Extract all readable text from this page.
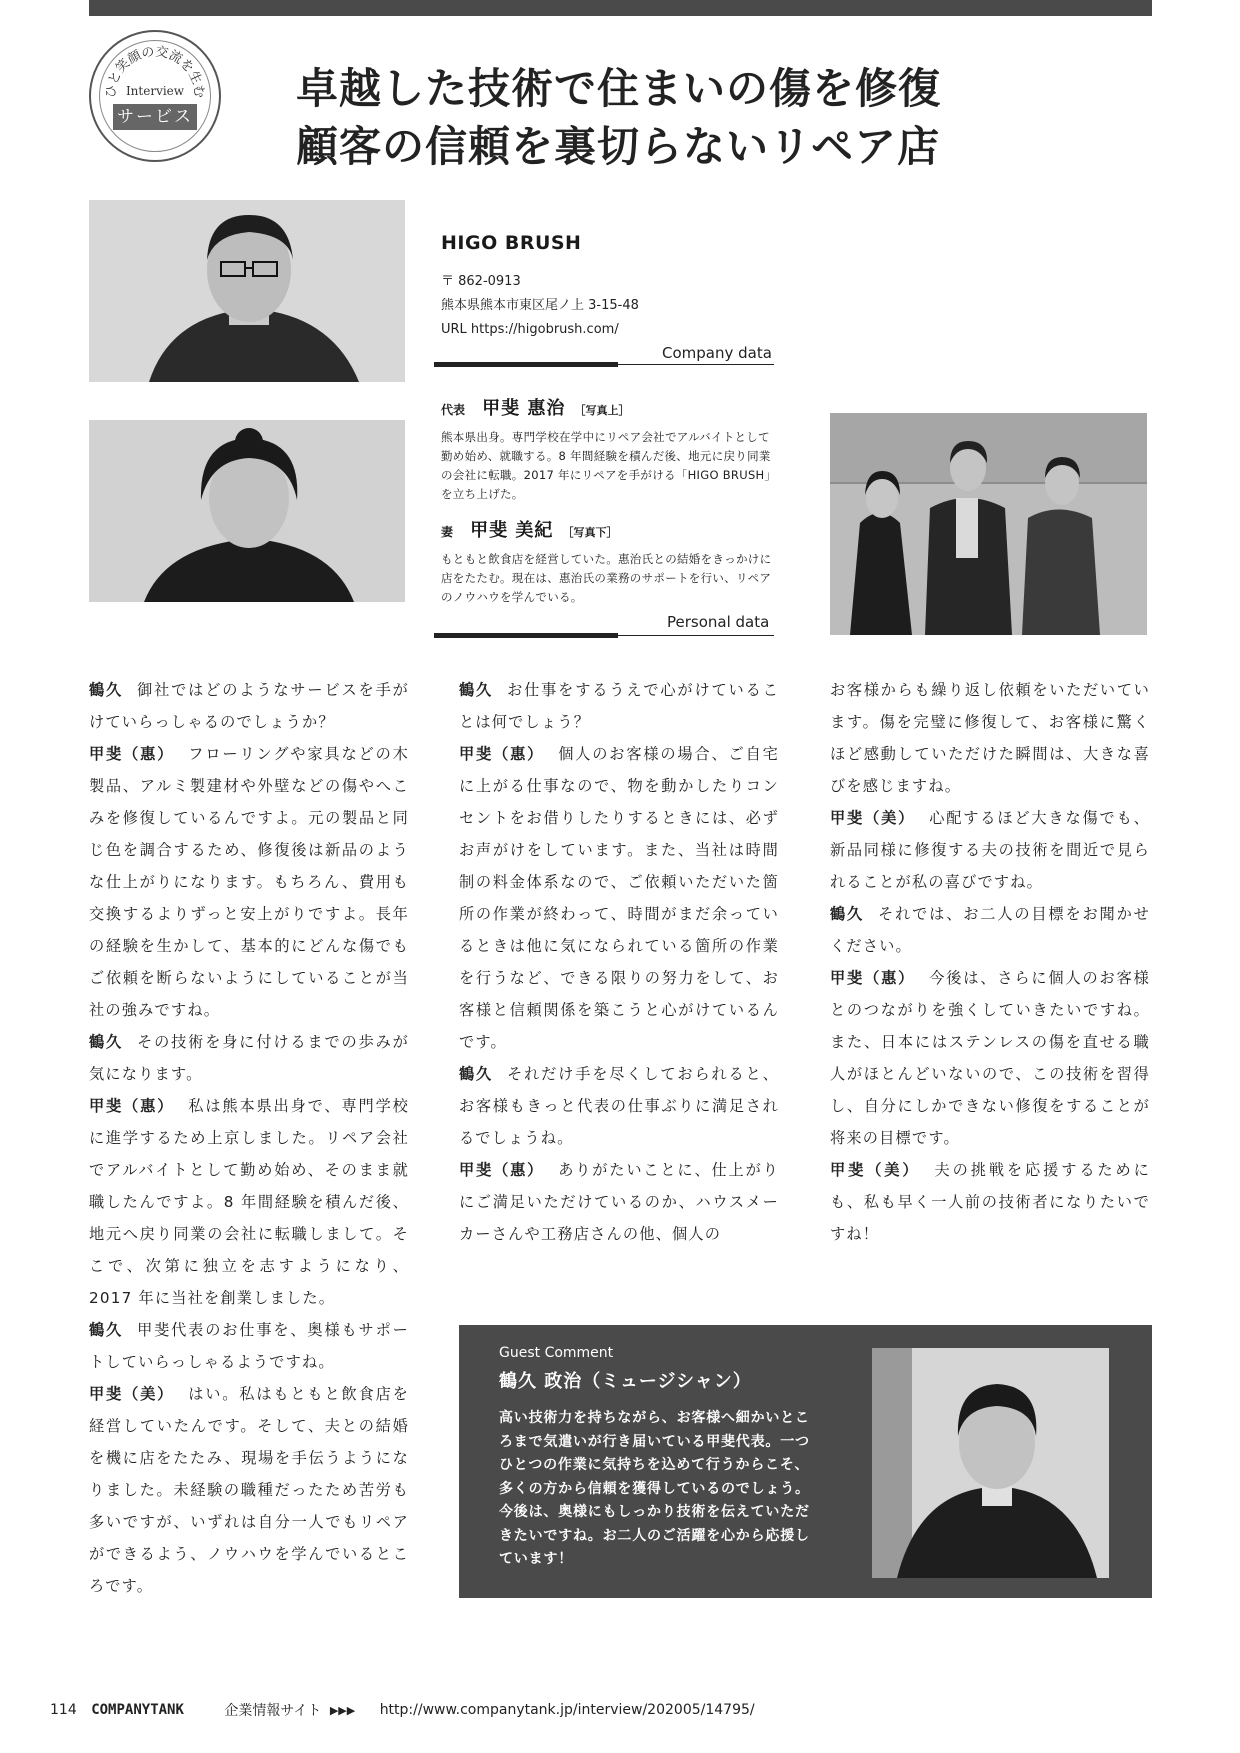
ひと笑顔の交流を生む
Interview
サービス
卓越した技術で住まいの傷を修復
顧客の信頼を裏切らないリペア店
HIGO BRUSH
〒 862-0913
熊本県熊本市東区尾ノ上 3-15-48
URL https://higobrush.com/
Company data
代表 甲斐 惠治 ［写真上］
熊本県出身。専門学校在学中にリペア会社でアルバイトとして勤め始め、就職する。8 年間経験を積んだ後、地元に戻り同業の会社に転職。2017 年にリペアを手がける「HIGO BRUSH」を立ち上げた。
妻 甲斐 美紀 ［写真下］
もともと飲食店を経営していた。惠治氏との結婚をきっかけに店をたたむ。現在は、惠治氏の業務のサポートを行い、リペアのノウハウを学んでいる。
Personal data

鶴久 御社ではどのようなサービスを手がけていらっしゃるのでしょうか？

甲斐（惠） フローリングや家具などの木製品、アルミ製建材や外壁などの傷やへこみを修復しているんですよ。元の製品と同じ色を調合するため、修復後は新品のような仕上がりになります。もちろん、費用も交換するよりずっと安上がりですよ。長年の経験を生かして、基本的にどんな傷でもご依頼を断らないようにしていることが当社の強みですね。

鶴久 その技術を身に付けるまでの歩みが気になります。

甲斐（惠） 私は熊本県出身で、専門学校に進学するため上京しました。リペア会社でアルバイトとして勤め始め、そのまま就職したんですよ。8 年間経験を積んだ後、地元へ戻り同業の会社に転職しまして。そこで、次第に独立を志すようになり、2017 年に当社を創業しました。

鶴久 甲斐代表のお仕事を、奥様もサポートしていらっしゃるようですね。

甲斐（美） はい。私はもともと飲食店を経営していたんです。そして、夫との結婚を機に店をたたみ、現場を手伝うようになりました。未経験の職種だったため苦労も多いですが、いずれは自分一人でもリペアができるよう、ノウハウを学んでいるところです。

鶴久 お仕事をするうえで心がけていることは何でしょう？

甲斐（惠） 個人のお客様の場合、ご自宅に上がる仕事なので、物を動かしたりコンセントをお借りしたりするときには、必ずお声がけをしています。また、当社は時間制の料金体系なので、ご依頼いただいた箇所の作業が終わって、時間がまだ余っているときは他に気になられている箇所の作業を行うなど、できる限りの努力をして、お客様と信頼関係を築こうと心がけているんです。

鶴久 それだけ手を尽くしておられると、お客様もきっと代表の仕事ぶりに満足されるでしょうね。

甲斐（惠） ありがたいことに、仕上がりにご満足いただけているのか、ハウスメーカーさんや工務店さんの他、個人の

お客様からも繰り返し依頼をいただいています。傷を完璧に修復して、お客様に驚くほど感動していただけた瞬間は、大きな喜びを感じますね。

甲斐（美） 心配するほど大きな傷でも、新品同様に修復する夫の技術を間近で見られることが私の喜びですね。

鶴久 それでは、お二人の目標をお聞かせください。

甲斐（惠） 今後は、さらに個人のお客様とのつながりを強くしていきたいですね。また、日本にはステンレスの傷を直せる職人がほとんどいないので、この技術を習得し、自分にしかできない修復をすることが将来の目標です。

甲斐（美） 夫の挑戦を応援するためにも、私も早く一人前の技術者になりたいですね！

Guest Comment
鶴久 政治（ミュージシャン）
高い技術力を持ちながら、お客様へ細かいところまで気遣いが行き届いている甲斐代表。一つひとつの作業に気持ちを込めて行うからこそ、多くの方から信頼を獲得しているのでしょう。今後は、奥様にもしっかり技術を伝えていただきたいですね。お二人のご活躍を心から応援しています！
114 COMPANYTANK	企業情報サイト ▶▶▶ http://www.companytank.jp/interview/202005/14795/
